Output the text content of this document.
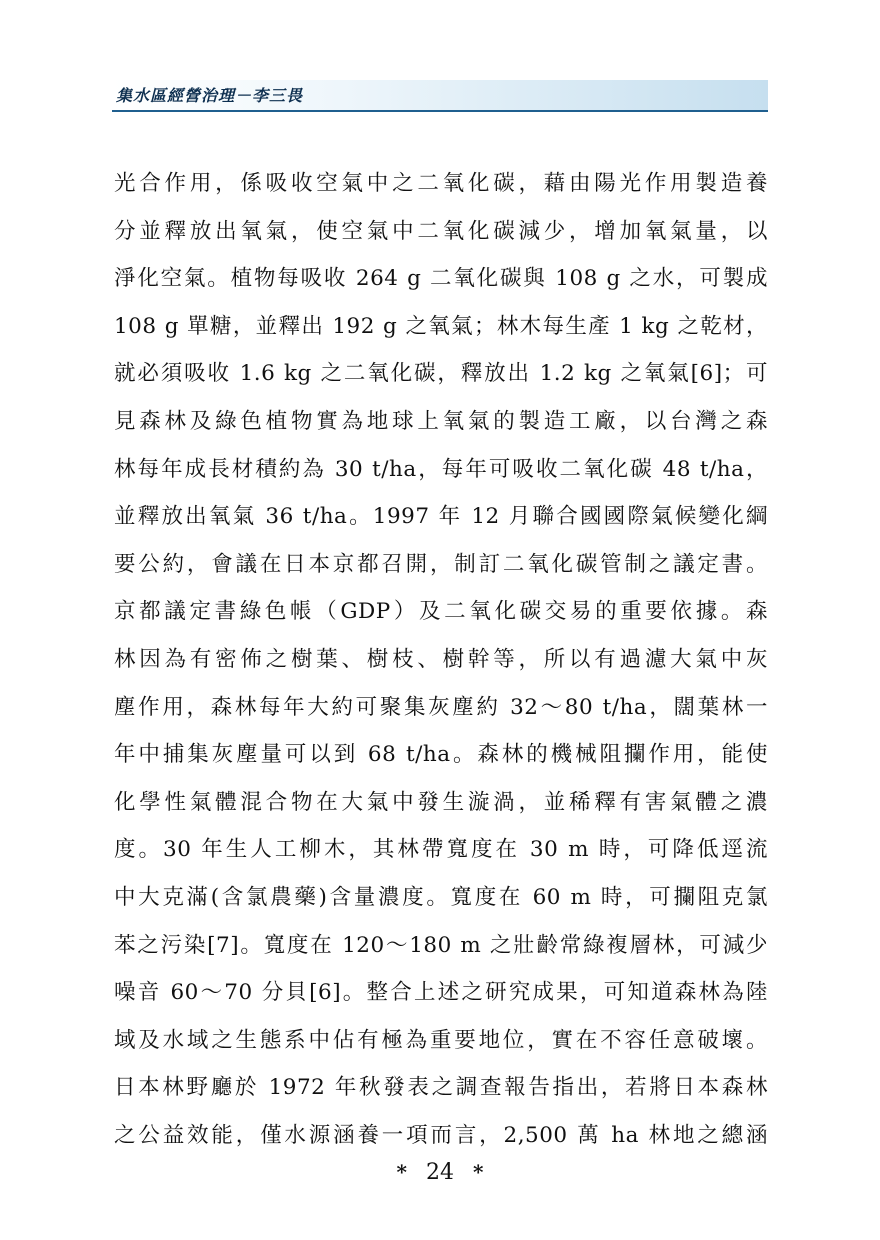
集水區經營治理－李三畏
光合作用，係吸收空氣中之二氧化碳，藉由陽光作用製造養
分並釋放出氧氣，使空氣中二氧化碳減少，增加氧氣量，以
淨化空氣。植物每吸收 264 g 二氧化碳與 108 g 之水，可製成
108 g 單糖，並釋出 192 g 之氧氣；林木每生產 1 kg 之乾材，
就必須吸收 1.6 kg 之二氧化碳，釋放出 1.2 kg 之氧氣[6]；可
見森林及綠色植物實為地球上氧氣的製造工廠，以台灣之森
林每年成長材積約為 30 t/ha，每年可吸收二氧化碳 48 t/ha，
並釋放出氧氣 36 t/ha。1997 年 12 月聯合國國際氣候變化綱
要公約，會議在日本京都召開，制訂二氧化碳管制之議定書。
京都議定書綠色帳（GDP）及二氧化碳交易的重要依據。森
林因為有密佈之樹葉、樹枝、樹幹等，所以有過濾大氣中灰
塵作用，森林每年大約可聚集灰塵約 32～80 t/ha，闊葉林一
年中捕集灰塵量可以到 68 t/ha。森林的機械阻攔作用，能使
化學性氣體混合物在大氣中發生漩渦，並稀釋有害氣體之濃
度。30 年生人工柳木，其林帶寬度在 30 m 時，可降低逕流
中大克滿(含氯農藥)含量濃度。寬度在 60 m 時，可攔阻克氯
苯之污染[7]。寬度在 120～180 m 之壯齡常綠複層林，可減少
噪音 60～70 分貝[6]。整合上述之研究成果，可知道森林為陸
域及水域之生態系中佔有極為重要地位，實在不容任意破壞。
日本林野廳於 1972 年秋發表之調查報告指出，若將日本森林
之公益效能，僅水源涵養一項而言，2,500 萬 ha 林地之總涵
* 24 *
